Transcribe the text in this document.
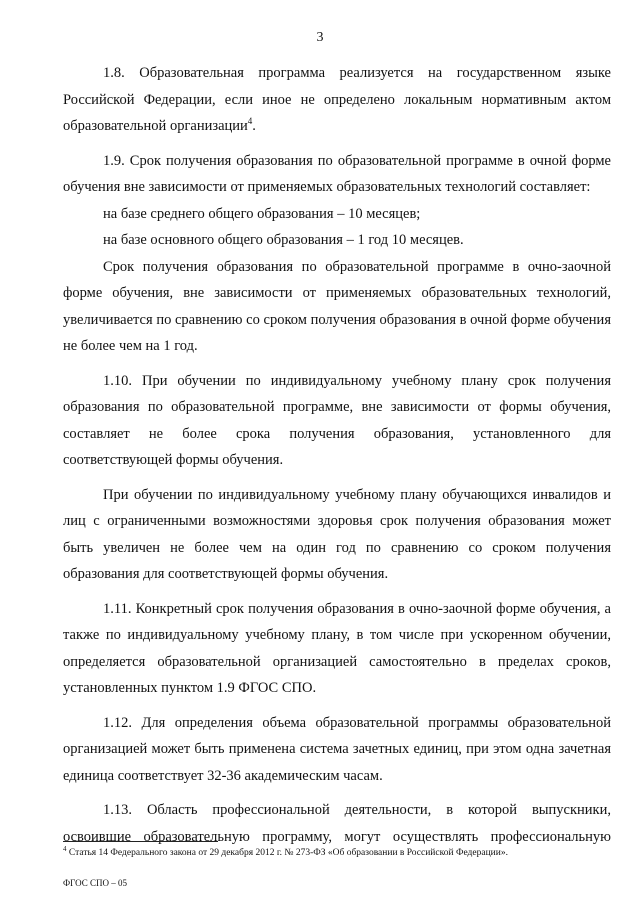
3

1.8. Образовательная программа реализуется на государственном языке Российской Федерации, если иное не определено локальным нормативным актом образовательной организации$^4$.

1.9. Срок получения образования по образовательной программе в очной форме обучения вне зависимости от применяемых образовательных технологий составляет:

на базе среднего общего образования – 10 месяцев;

на базе основного общего образования – 1 год 10 месяцев.

Срок получения образования по образовательной программе в очно-заочной форме обучения, вне зависимости от применяемых образовательных технологий, увеличивается по сравнению со сроком получения образования в очной форме обучения не более чем на 1 год.

1.10. При обучении по индивидуальному учебному плану срок получения образования по образовательной программе, вне зависимости от формы обучения, составляет не более срока получения образования, установленного для соответствующей формы обучения.

При обучении по индивидуальному учебному плану обучающихся инвалидов и лиц с ограниченными возможностями здоровья срок получения образования может быть увеличен не более чем на один год по сравнению со сроком получения образования для соответствующей формы обучения.

1.11. Конкретный срок получения образования в очно-заочной форме обучения, а также по индивидуальному учебному плану, в том числе при ускоренном обучении, определяется образовательной организацией самостоятельно в пределах сроков, установленных пунктом 1.9 ФГОС СПО.

1.12. Для определения объема образовательной программы образовательной организацией может быть применена система зачетных единиц, при этом одна зачетная единица соответствует 32-36 академическим часам.

1.13. Область профессиональной деятельности, в которой выпускники, освоившие образовательную программу, могут осуществлять профессиональную

$^4$ Статья 14 Федерального закона от 29 декабря 2012 г. № 273-ФЗ «Об образовании в Российской Федерации».
ФГОС СПО – 05
